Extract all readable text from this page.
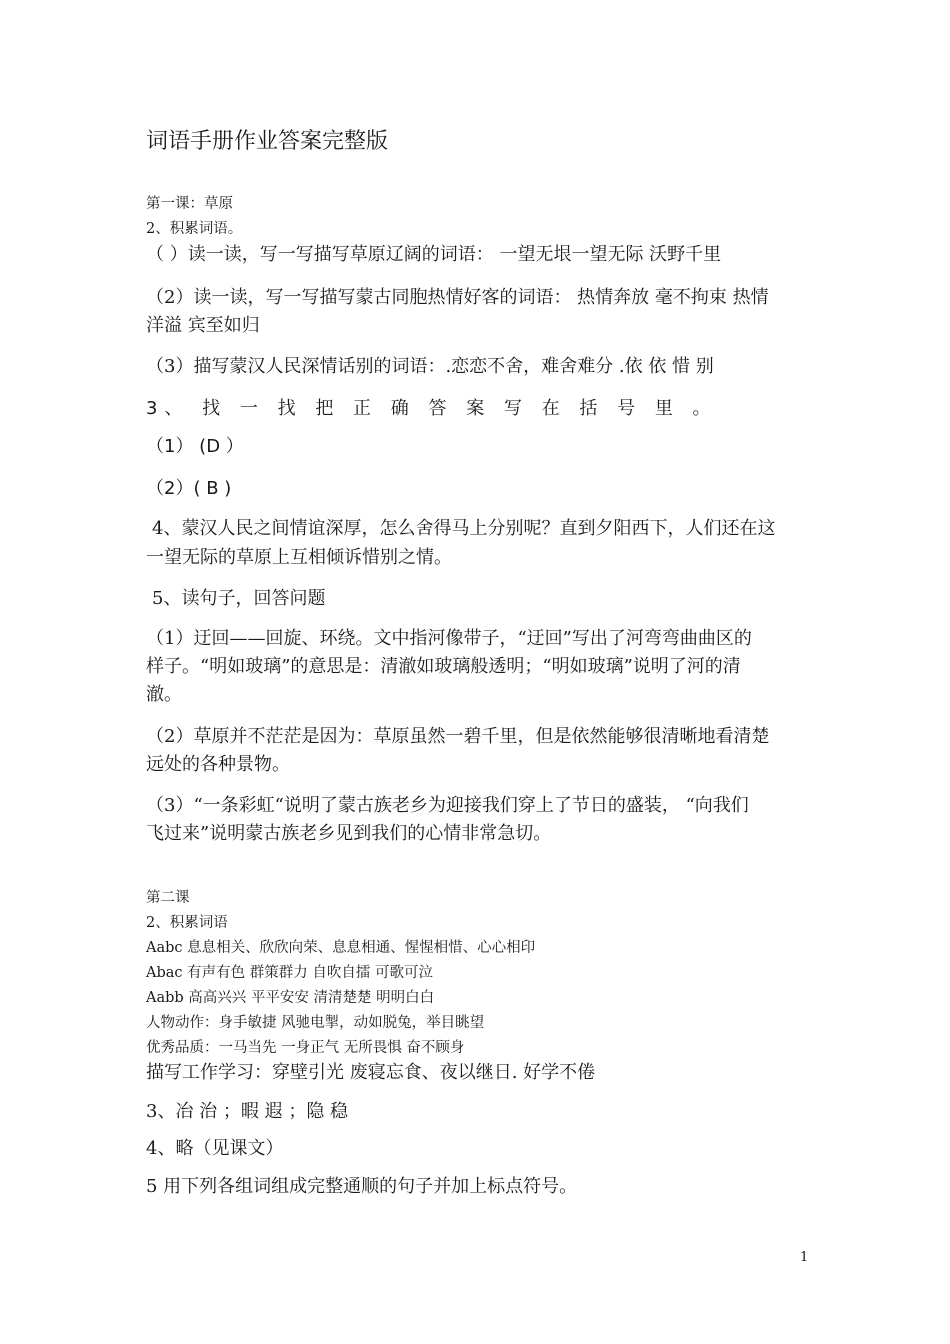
词语手册作业答案完整版

第一课：草原

2、积累词语。

（ ）读一读，写一写描写草原辽阔的词语： 一望无垠一望无际 沃野千里

（2）读一读，写一写描写蒙古同胞热情好客的词语： 热情奔放 毫不拘束 热情

洋溢 宾至如归

（3）描写蒙汉人民深情话别的词语：.恋恋不舍，难舍难分 .依 依 惜 别

3、 找 一 找 把 正 确 答 案 写 在 括 号 里 。

（1） (D ）

（2）( B )

4、蒙汉人民之间情谊深厚，怎么舍得马上分别呢？直到夕阳西下，人们还在这

一望无际的草原上互相倾诉惜别之情。

5、读句子，回答问题

（1）迂回——回旋、环绕。文中指河像带子，“迂回”写出了河弯弯曲曲区的

样子。“明如玻璃”的意思是：清澈如玻璃般透明；“明如玻璃”说明了河的清

澈。

（2）草原并不茫茫是因为：草原虽然一碧千里，但是依然能够很清晰地看清楚

远处的各种景物。

（3）“一条彩虹“说明了蒙古族老乡为迎接我们穿上了节日的盛装， “向我们

飞过来”说明蒙古族老乡见到我们的心情非常急切。

第二课

2、积累词语

Aabc 息息相关、欣欣向荣、息息相通、惺惺相惜、心心相印

Abac 有声有色 群策群力 自吹自擂 可歌可泣

Aabb 高高兴兴 平平安安 清清楚楚 明明白白

人物动作：身手敏捷 风驰电掣，动如脱兔，举目眺望

优秀品质：一马当先 一身正气 无所畏惧 奋不顾身

描写工作学习：穿壁引光 废寝忘食、夜以继日. 好学不倦

3、冶 治 ；暇 遐 ；隐 稳

4、略（见课文）

5 用下列各组词组成完整通顺的句子并加上标点符号。

1
